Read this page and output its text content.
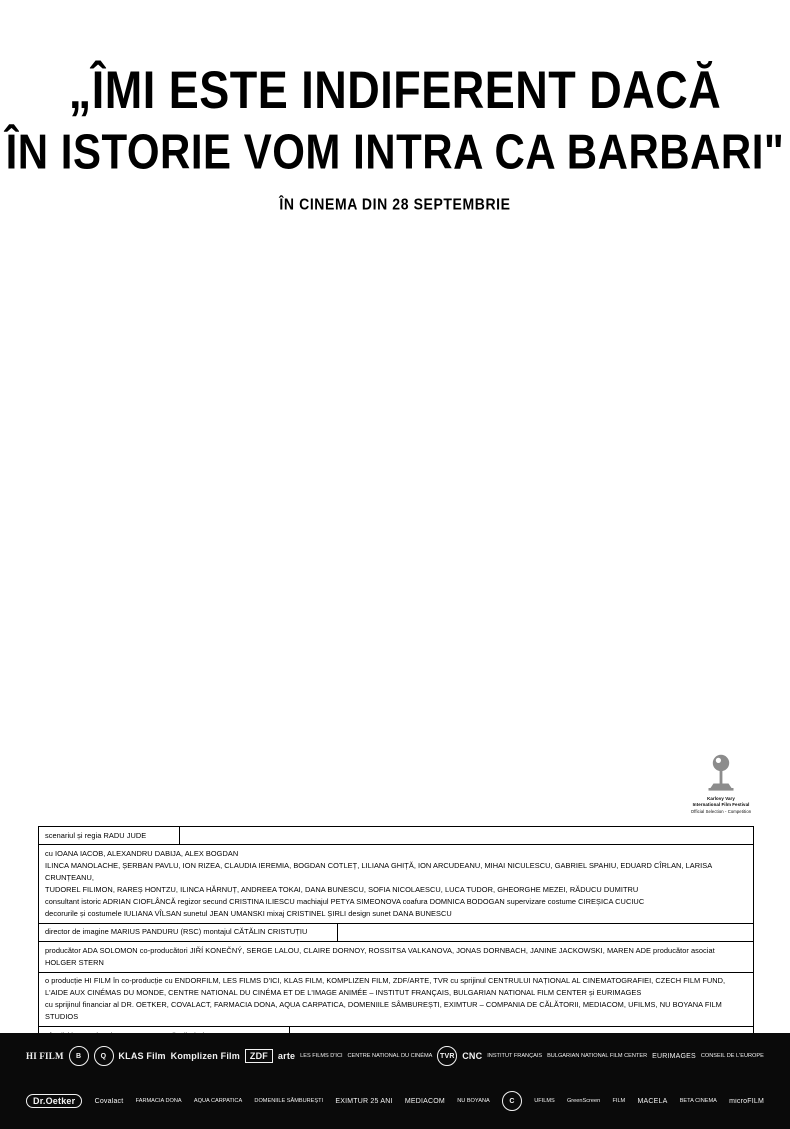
„ÎMI ESTE INDIFERENT DACĂ
ÎN ISTORIE VOM INTRA CA BARBARI"
ÎN CINEMA DIN 28 SEPTEMBRIE
Karlovy Vary
International Film Festival
Official Selection - Competition
scenariul și regia RADU JUDE

cu IOANA IACOB, ALEXANDRU DABIJA, ALEX BOGDAN

ILINCA MANOLACHE, ȘERBAN PAVLU, ION RIZEA, CLAUDIA IEREMIA, BOGDAN COTLEȚ, LILIANA GHIȚĂ, ION ARCUDEANU, MIHAI NICULESCU, GABRIEL SPAHIU, EDUARD CÎRLAN, LARISA CRUNȚEANU,

TUDOREL FILIMON, RAREȘ HONTZU, ILINCA HĂRNUȚ, ANDREEA TOKAI, DANA BUNESCU, SOFIA NICOLAESCU, LUCA TUDOR, GHEORGHE MEZEI, RĂDUCU DUMITRU

consultant istoric ADRIAN CIOFLÂNCĂ regizor secund CRISTINA ILIESCU machiajul PETYA SIMEONOVA coafura DOMNICA BODOGAN supervizare costume CIREȘICA CUCIUC

decorurile și costumele IULIANA VÎLSAN sunetul JEAN UMANSKI mixaj CRISTINEL ȘIRLI design sunet DANA BUNESCU

director de imagine MARIUS PANDURU (RSC) montajul CĂTĂLIN CRISTUȚIU

producător ADA SOLOMON co-producători JIŘÍ KONEČNÝ, SERGE LALOU, CLAIRE DORNOY, ROSSITSA VALKANOVA, JONAS DORNBACH, JANINE JACKOWSKI, MAREN ADE producător asociat HOLGER STERN

o producție HI FILM în co-producție cu ENDORFILM, LES FILMS D'ICI, KLAS FILM, KOMPLIZEN FILM, ZDF/ARTE, TVR cu sprijinul CENTRULUI NAȚIONAL AL CINEMATOGRAFIEI, CZECH FILM FUND,

L'AIDE AUX CINÉMAS DU MONDE, CENTRE NATIONAL DU CINÉMA ET DE L'IMAGE ANIMÉE – INSTITUT FRANÇAIS, BULGARIAN NATIONAL FILM CENTER și EURIMAGES

cu sprijinul financiar al DR. OETKER, COVALACT, FARMACIA DONA, AQUA CARPATICA, DOMENIILE SÂMBUREȘTI, EXIMTUR – COMPANIA DE CĂLĂTORII, MEDIACOM, UFILMS, NU BOYANA FILM STUDIOS

HI FILM	B	Q	KLAS Film Komplizen Film	ZDF	arte LES FILMS D'ICI CENTRE NATIONAL DU CINÉMA	TVR CNC INSTITUT FRANÇAIS BULGARIAN NATIONAL FILM CENTER EURIMAGES CONSEIL DE L'EUROPE
Dr.Oetker	Covalact FARMACIA DONA AQUA CARPATICA DOMENIILE SÂMBUREȘTI EXIMTUR 25 ANI MEDIACOM NU BOYANA	C	UFILMS GreenScreen FILM MACELA BETA CINEMA microFILM
